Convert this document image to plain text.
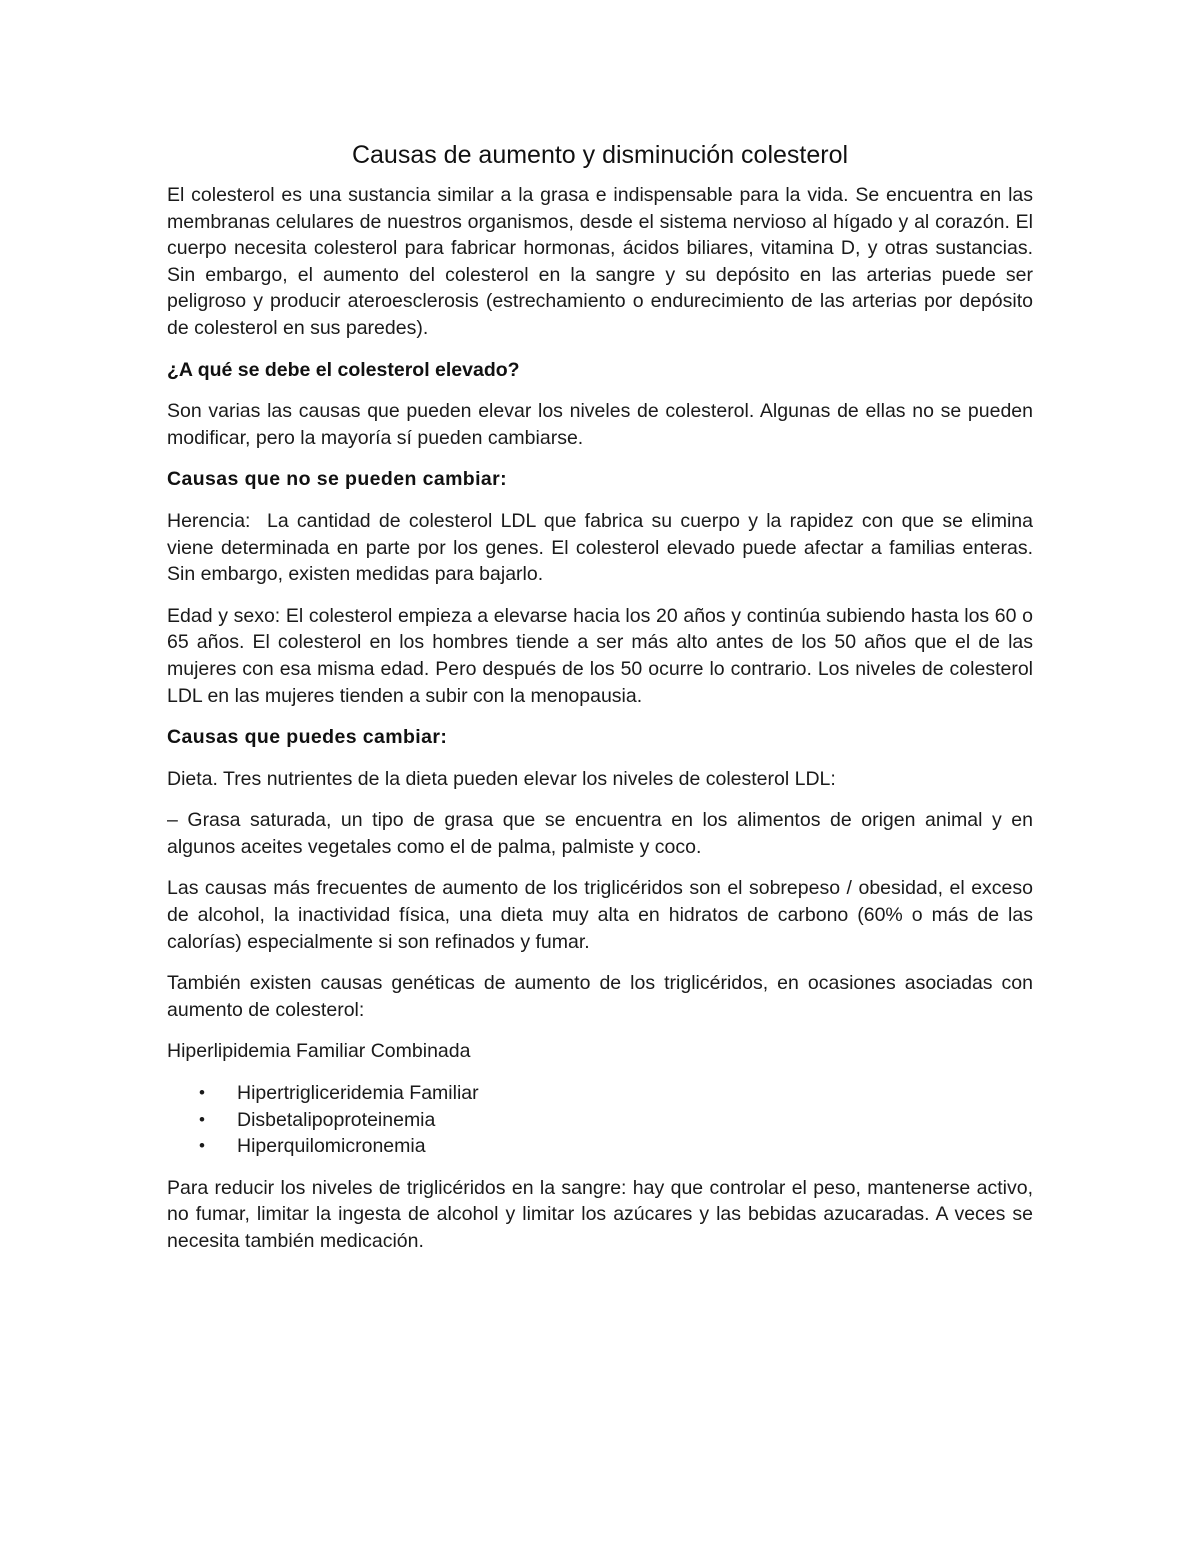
Causas de aumento y disminución colesterol

El colesterol es una sustancia similar a la grasa e indispensable para la vida. Se encuentra en las membranas celulares de nuestros organismos, desde el sistema nervioso al hígado y al corazón. El cuerpo necesita colesterol para fabricar hormonas, ácidos biliares, vitamina D, y otras sustancias. Sin embargo, el aumento del colesterol en la sangre y su depósito en las arterias puede ser peligroso y producir ateroesclerosis (estrechamiento o endurecimiento de las arterias por depósito de colesterol en sus paredes).

¿A qué se debe el colesterol elevado?

Son varias las causas que pueden elevar los niveles de colesterol. Algunas de ellas no se pueden modificar, pero la mayoría sí pueden cambiarse.

Causas que no se pueden cambiar:

Herencia:  La cantidad de colesterol LDL que fabrica su cuerpo y la rapidez con que se elimina viene determinada en parte por los genes. El colesterol elevado puede afectar a familias enteras. Sin embargo, existen medidas para bajarlo.

Edad y sexo: El colesterol empieza a elevarse hacia los 20 años y continúa subiendo hasta los 60 o 65 años. El colesterol en los hombres tiende a ser más alto antes de los 50 años que el de las mujeres con esa misma edad. Pero después de los 50 ocurre lo contrario. Los niveles de colesterol LDL en las mujeres tienden a subir con la menopausia.

Causas que puedes cambiar:

Dieta. Tres nutrientes de la dieta pueden elevar los niveles de colesterol LDL:

– Grasa saturada, un tipo de grasa que se encuentra en los alimentos de origen animal y en algunos aceites vegetales como el de palma, palmiste y coco.

Las causas más frecuentes de aumento de los triglicéridos son el sobrepeso / obesidad, el exceso de alcohol, la inactividad física, una dieta muy alta en hidratos de carbono (60% o más de las calorías) especialmente si son refinados y fumar.

También existen causas genéticas de aumento de los triglicéridos, en ocasiones asociadas con aumento de colesterol:

Hiperlipidemia Familiar Combinada

• Hipertrigliceridemia Familiar
• Disbetalipoproteinemia
• Hiperquilomicronemia

Para reducir los niveles de triglicéridos en la sangre: hay que controlar el peso, mantenerse activo, no fumar, limitar la ingesta de alcohol y limitar los azúcares y las bebidas azucaradas. A veces se necesita también medicación.
